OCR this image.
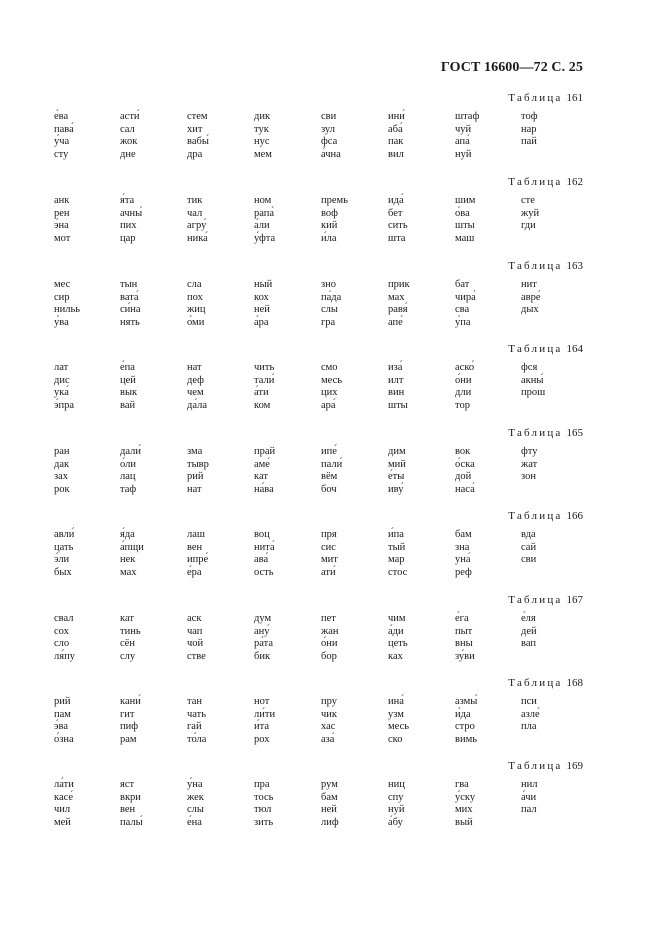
ГОСТ 16600—72 С. 25
Таблица 161
е́ва
пава́
у́ча
сту
асти́
сал
жок
дне
стем
хит
вабы́
дра
дик
тук
нус
мем
сви
зул
фса
а́чна
ини́
аба́
пак
вил
штаф
чуй
апа́
нуй
тоф
нар
пай
Таблица 162
анк
рен
э́на
мот
я́та
ачны́
пих
цар
тик
чал
агру́
ника́
ном
рапа́
а́ли
у́фта
премь
воф
кий
и́ла
ида́
бет
сить
шта
шим
о́ва
шты
маш
сте
жуй
гди
Таблица 163
мес
сир
нильь
у́ва
тын
вата́
си́на
нять
сла
пох
жиц
о́ми
ный
кох
ней
а́ра
зно
па́да
слы
гра
прик
мах
равя́
апе́
бат
чира́
сва
у́па
нит
авре́
дых
Таблица 164
лат
дис
ука́
э́пра
е́па
цей
вык
вай
нат
деф
чем
да́ла
чить
тали́
а́ти
ком
смо
месь
цих
ара́
иза́
илт
вин
шты
аско́
о́ни
дли
тор
фся
акны́
прош
Таблица 165
ран
дак
зах
рок
дали́
о́ли
лац
таф
зма
тывр
рий
нат
прай
аме́
кат
на́ва
ипе́
пали́
вём
боч
дим
мий
е́ты
иву́
вок
о́ска
дой
наса́
фту
жат
зон
Таблица 166
авли́
цать
э́ли
бых
я́да
а́пщи
нек
мах
лаш
вен
ипре́
е́ра
воц
нита́
ава́
ость
пря
сис
мит
ати́
и́па
тый
мар
стос
бам
зна
уна́
реф
вда
сай
сви
Таблица 167
свал
сох
сло
ля́пу
кат
тинь
сён
слу
аск
чап
чой
стве
дум
ану́
ра́та
бик
пет
жан
о́ни
бор
чим
а́ди
цеть
ках
е́га
пыт
вны
зу́ви
е́ля
дей
вап
Таблица 168
рий
пам
э́ва
о́зна
кани́
гит
пиф
рам
тан
чать
гай
то́ла
нот
ли́ти
и́та
рох
пру
чик
хас
аза́
ина́
узм
месь
ско
азмы́
и́да
стро
вимь
пси
азле́
пла
Таблица 169
ла́ти
касе́
чил
мей
яст
вкри
вен
палы́
у́на
жек
слы
е́на
пра
тось
тюл
зить
рум
бам
ней
лиф
ниц
спу
нуй
а́бу
гва
у́ску
мих
вый
нил
а́чи
пал
